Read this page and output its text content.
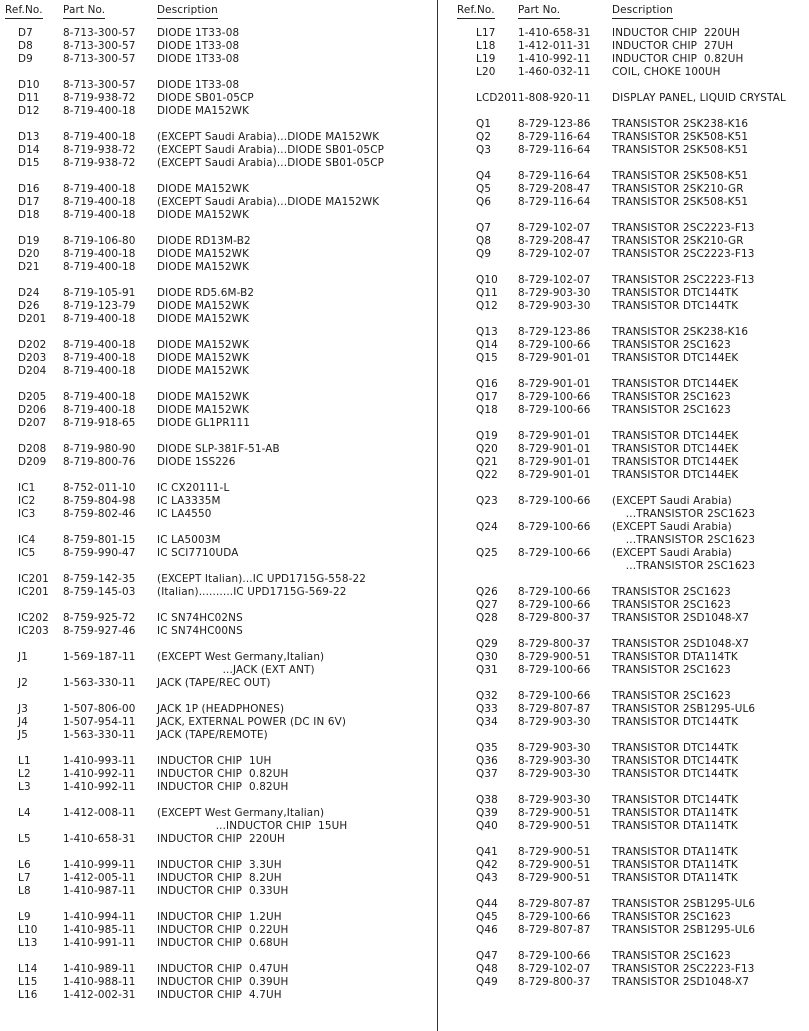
Ref.No. Part No.	Description
D7	8-713-300-57 DIODE 1T33-08
D8	8-713-300-57 DIODE 1T33-08
D9	8-713-300-57 DIODE 1T33-08
D10 8-713-300-57 DIODE 1T33-08
D11 8-719-938-72 DIODE SB01-05CP
D12 8-719-400-18 DIODE MA152WK
D13 8-719-400-18 (EXCEPT Saudi Arabia)...DIODE MA152WK
D14 8-719-938-72 (EXCEPT Saudi Arabia)...DIODE SB01-05CP
D15 8-719-938-72 (EXCEPT Saudi Arabia)...DIODE SB01-05CP
D16 8-719-400-18 DIODE MA152WK
D17 8-719-400-18 (EXCEPT Saudi Arabia)...DIODE MA152WK
D18 8-719-400-18 DIODE MA152WK
D19 8-719-106-80 DIODE RD13M-B2
D20 8-719-400-18 DIODE MA152WK
D21 8-719-400-18 DIODE MA152WK
D24 8-719-105-91 DIODE RD5.6M-B2
D26 8-719-123-79 DIODE MA152WK
D201 8-719-400-18 DIODE MA152WK
D202 8-719-400-18 DIODE MA152WK
D203 8-719-400-18 DIODE MA152WK
D204 8-719-400-18 DIODE MA152WK
D205 8-719-400-18 DIODE MA152WK
D206 8-719-400-18 DIODE MA152WK
D207 8-719-918-65 DIODE GL1PR111
D208 8-719-980-90 DIODE SLP-381F-51-AB
D209 8-719-800-76 DIODE 1SS226
IC1	8-752-011-10 IC CX20111-L
IC2	8-759-804-98 IC LA3335M
IC3	8-759-802-46 IC LA4550
IC4	8-759-801-15 IC LA5003M
IC5	8-759-990-47 IC SCI7710UDA
IC201 8-759-142-35 (EXCEPT Italian)...IC UPD1715G-558-22
IC201 8-759-145-03 (Italian)..........IC UPD1715G-569-22
IC202 8-759-925-72 IC SN74HC02NS
IC203 8-759-927-46 IC SN74HC00NS
J1	1-569-187-11 (EXCEPT West Germany,Italian)
...JACK (EXT ANT)
J2	1-563-330-11 JACK (TAPE/REC OUT)
J3	1-507-806-00 JACK 1P (HEADPHONES)
J4	1-507-954-11 JACK, EXTERNAL POWER (DC IN 6V)
J5	1-563-330-11 JACK (TAPE/REMOTE)
L1	1-410-993-11 INDUCTOR CHIP  1UH
L2	1-410-992-11 INDUCTOR CHIP  0.82UH
L3	1-410-992-11 INDUCTOR CHIP  0.82UH
L4	1-412-008-11 (EXCEPT West Germany,Italian)
...INDUCTOR CHIP  15UH
L5	1-410-658-31 INDUCTOR CHIP  220UH
L6	1-410-999-11 INDUCTOR CHIP  3.3UH
L7	1-412-005-11 INDUCTOR CHIP  8.2UH
L8	1-410-987-11 INDUCTOR CHIP  0.33UH
L9	1-410-994-11 INDUCTOR CHIP  1.2UH
L10 1-410-985-11 INDUCTOR CHIP  0.22UH
L13 1-410-991-11 INDUCTOR CHIP  0.68UH
L14 1-410-989-11 INDUCTOR CHIP  0.47UH
L15 1-410-988-11 INDUCTOR CHIP  0.39UH
L16 1-412-002-31 INDUCTOR CHIP  4.7UH
Ref.No. Part No.	Description
L17 1-410-658-31 INDUCTOR CHIP  220UH
L18 1-412-011-31 INDUCTOR CHIP  27UH
L19 1-410-992-11 INDUCTOR CHIP  0.82UH
L20 1-460-032-11 COIL, CHOKE 100UH
LCD201 1-808-920-11 DISPLAY PANEL, LIQUID CRYSTAL
Q1	8-729-123-86 TRANSISTOR 2SK238-K16
Q2	8-729-116-64 TRANSISTOR 2SK508-K51
Q3	8-729-116-64 TRANSISTOR 2SK508-K51
Q4	8-729-116-64 TRANSISTOR 2SK508-K51
Q5	8-729-208-47 TRANSISTOR 2SK210-GR
Q6	8-729-116-64 TRANSISTOR 2SK508-K51
Q7	8-729-102-07 TRANSISTOR 2SC2223-F13
Q8	8-729-208-47 TRANSISTOR 2SK210-GR
Q9	8-729-102-07 TRANSISTOR 2SC2223-F13
Q10 8-729-102-07 TRANSISTOR 2SC2223-F13
Q11 8-729-903-30 TRANSISTOR DTC144TK
Q12 8-729-903-30 TRANSISTOR DTC144TK
Q13 8-729-123-86 TRANSISTOR 2SK238-K16
Q14 8-729-100-66 TRANSISTOR 2SC1623
Q15 8-729-901-01 TRANSISTOR DTC144EK
Q16 8-729-901-01 TRANSISTOR DTC144EK
Q17 8-729-100-66 TRANSISTOR 2SC1623
Q18 8-729-100-66 TRANSISTOR 2SC1623
Q19 8-729-901-01 TRANSISTOR DTC144EK
Q20 8-729-901-01 TRANSISTOR DTC144EK
Q21 8-729-901-01 TRANSISTOR DTC144EK
Q22 8-729-901-01 TRANSISTOR DTC144EK
Q23 8-729-100-66 (EXCEPT Saudi Arabia)
...TRANSISTOR 2SC1623
Q24 8-729-100-66 (EXCEPT Saudi Arabia)
...TRANSISTOR 2SC1623
Q25 8-729-100-66 (EXCEPT Saudi Arabia)
...TRANSISTOR 2SC1623
Q26 8-729-100-66 TRANSISTOR 2SC1623
Q27 8-729-100-66 TRANSISTOR 2SC1623
Q28 8-729-800-37 TRANSISTOR 2SD1048-X7
Q29 8-729-800-37 TRANSISTOR 2SD1048-X7
Q30 8-729-900-51 TRANSISTOR DTA114TK
Q31 8-729-100-66 TRANSISTOR 2SC1623
Q32 8-729-100-66 TRANSISTOR 2SC1623
Q33 8-729-807-87 TRANSISTOR 2SB1295-UL6
Q34 8-729-903-30 TRANSISTOR DTC144TK
Q35 8-729-903-30 TRANSISTOR DTC144TK
Q36 8-729-903-30 TRANSISTOR DTC144TK
Q37 8-729-903-30 TRANSISTOR DTC144TK
Q38 8-729-903-30 TRANSISTOR DTC144TK
Q39 8-729-900-51 TRANSISTOR DTA114TK
Q40 8-729-900-51 TRANSISTOR DTA114TK
Q41 8-729-900-51 TRANSISTOR DTA114TK
Q42 8-729-900-51 TRANSISTOR DTA114TK
Q43 8-729-900-51 TRANSISTOR DTA114TK
Q44 8-729-807-87 TRANSISTOR 2SB1295-UL6
Q45 8-729-100-66 TRANSISTOR 2SC1623
Q46 8-729-807-87 TRANSISTOR 2SB1295-UL6
Q47 8-729-100-66 TRANSISTOR 2SC1623
Q48 8-729-102-07 TRANSISTOR 2SC2223-F13
Q49 8-729-800-37 TRANSISTOR 2SD1048-X7
